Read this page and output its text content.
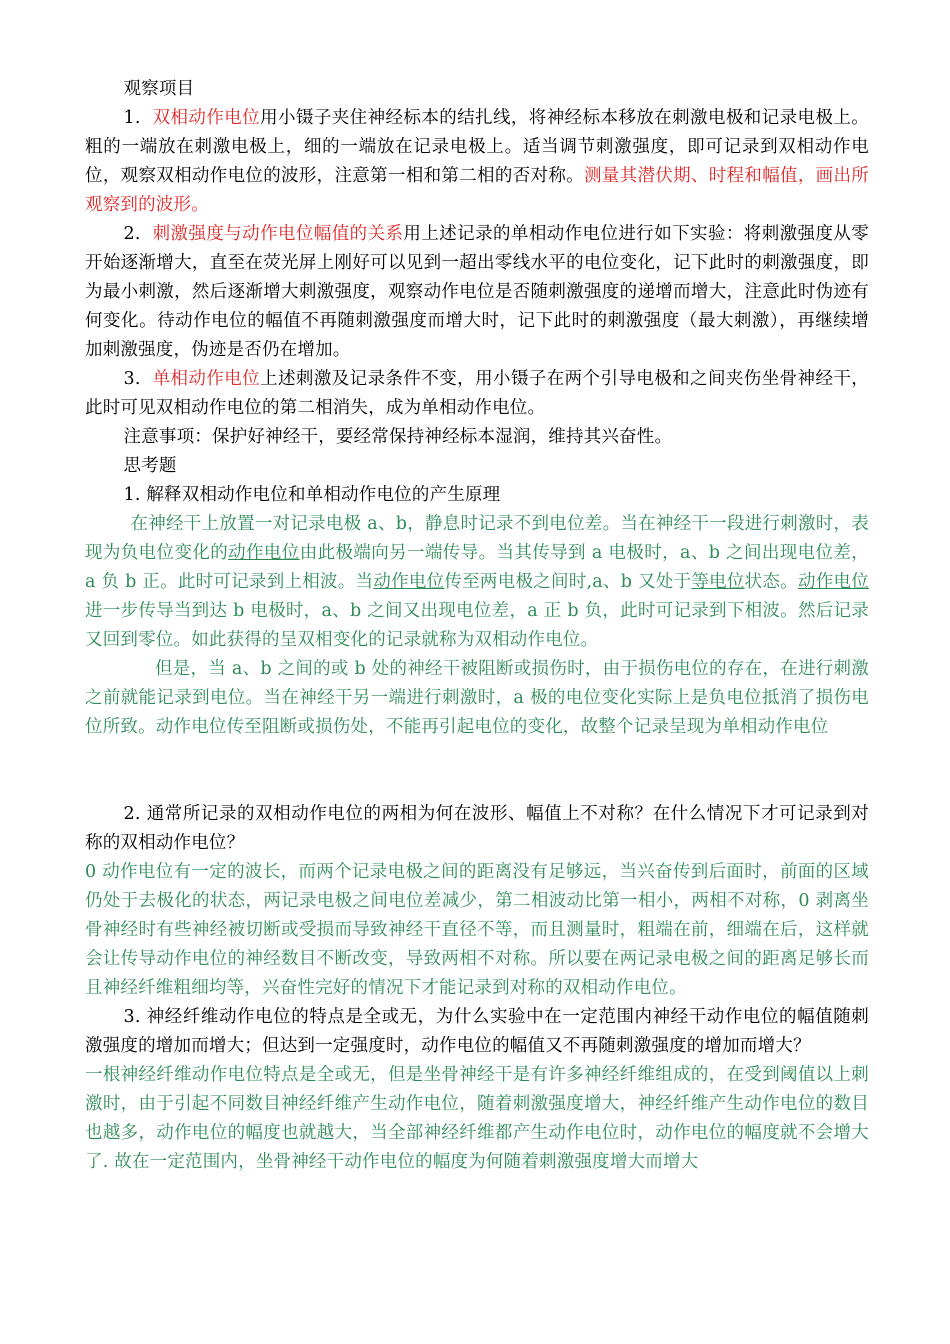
观察项目

1. 双相动作电位用小镊子夹住神经标本的结扎线，将神经标本移放在刺激电极和记录电极上。粗的一端放在刺激电极上，细的一端放在记录电极上。适当调节刺激强度，即可记录到双相动作电位，观察双相动作电位的波形，注意第一相和第二相的否对称。测量其潜伏期、时程和幅值，画出所观察到的波形。

2. 刺激强度与动作电位幅值的关系用上述记录的单相动作电位进行如下实验：将刺激强度从零开始逐渐增大，直至在荧光屏上刚好可以见到一超出零线水平的电位变化，记下此时的刺激强度，即为最小刺激，然后逐渐增大刺激强度，观察动作电位是否随刺激强度的递增而增大，注意此时伪迹有何变化。待动作电位的幅值不再随刺激强度而增大时，记下此时的刺激强度（最大刺激），再继续增加刺激强度，伪迹是否仍在增加。

3. 单相动作电位上述刺激及记录条件不变，用小镊子在两个引导电极和之间夹伤坐骨神经干，此时可见双相动作电位的第二相消失，成为单相动作电位。

注意事项：保护好神经干，要经常保持神经标本湿润，维持其兴奋性。

思考题

1. 解释双相动作电位和单相动作电位的产生原理

在神经干上放置一对记录电极 a、b，静息时记录不到电位差。当在神经干一段进行刺激时，表现为负电位变化的动作电位由此极端向另一端传导。当其传导到 a 电极时，a、b 之间出现电位差，a 负 b 正。此时可记录到上相波。当动作电位传至两电极之间时,a、b 又处于等电位状态。动作电位进一步传导当到达 b 电极时，a、b 之间又出现电位差，a 正 b 负，此时可记录到下相波。然后记录又回到零位。如此获得的呈双相变化的记录就称为双相动作电位。

但是，当 a、b 之间的或 b 处的神经干被阻断或损伤时，由于损伤电位的存在，在进行刺激之前就能记录到电位。当在神经干另一端进行刺激时，a 极的电位变化实际上是负电位抵消了损伤电位所致。动作电位传至阻断或损伤处，不能再引起电位的变化，故整个记录呈现为单相动作电位

2. 通常所记录的双相动作电位的两相为何在波形、幅值上不对称？在什么情况下才可记录到对称的双相动作电位？

0 动作电位有一定的波长，而两个记录电极之间的距离没有足够远，当兴奋传到后面时，前面的区域仍处于去极化的状态，两记录电极之间电位差减少，第二相波动比第一相小，两相不对称，0 剥离坐骨神经时有些神经被切断或受损而导致神经干直径不等，而且测量时，粗端在前，细端在后，这样就会让传导动作电位的神经数目不断改变，导致两相不对称。所以要在两记录电极之间的距离足够长而且神经纤维粗细均等，兴奋性完好的情况下才能记录到对称的双相动作电位。

3. 神经纤维动作电位的特点是全或无，为什么实验中在一定范围内神经干动作电位的幅值随刺激强度的增加而增大；但达到一定强度时，动作电位的幅值又不再随刺激强度的增加而增大？

一根神经纤维动作电位特点是全或无，但是坐骨神经干是有许多神经纤维组成的，在受到阈值以上刺激时，由于引起不同数目神经纤维产生动作电位，随着刺激强度增大，神经纤维产生动作电位的数目也越多，动作电位的幅度也就越大，当全部神经纤维都产生动作电位时，动作电位的幅度就不会增大了. 故在一定范围内，坐骨神经干动作电位的幅度为何随着刺激强度增大而增大
